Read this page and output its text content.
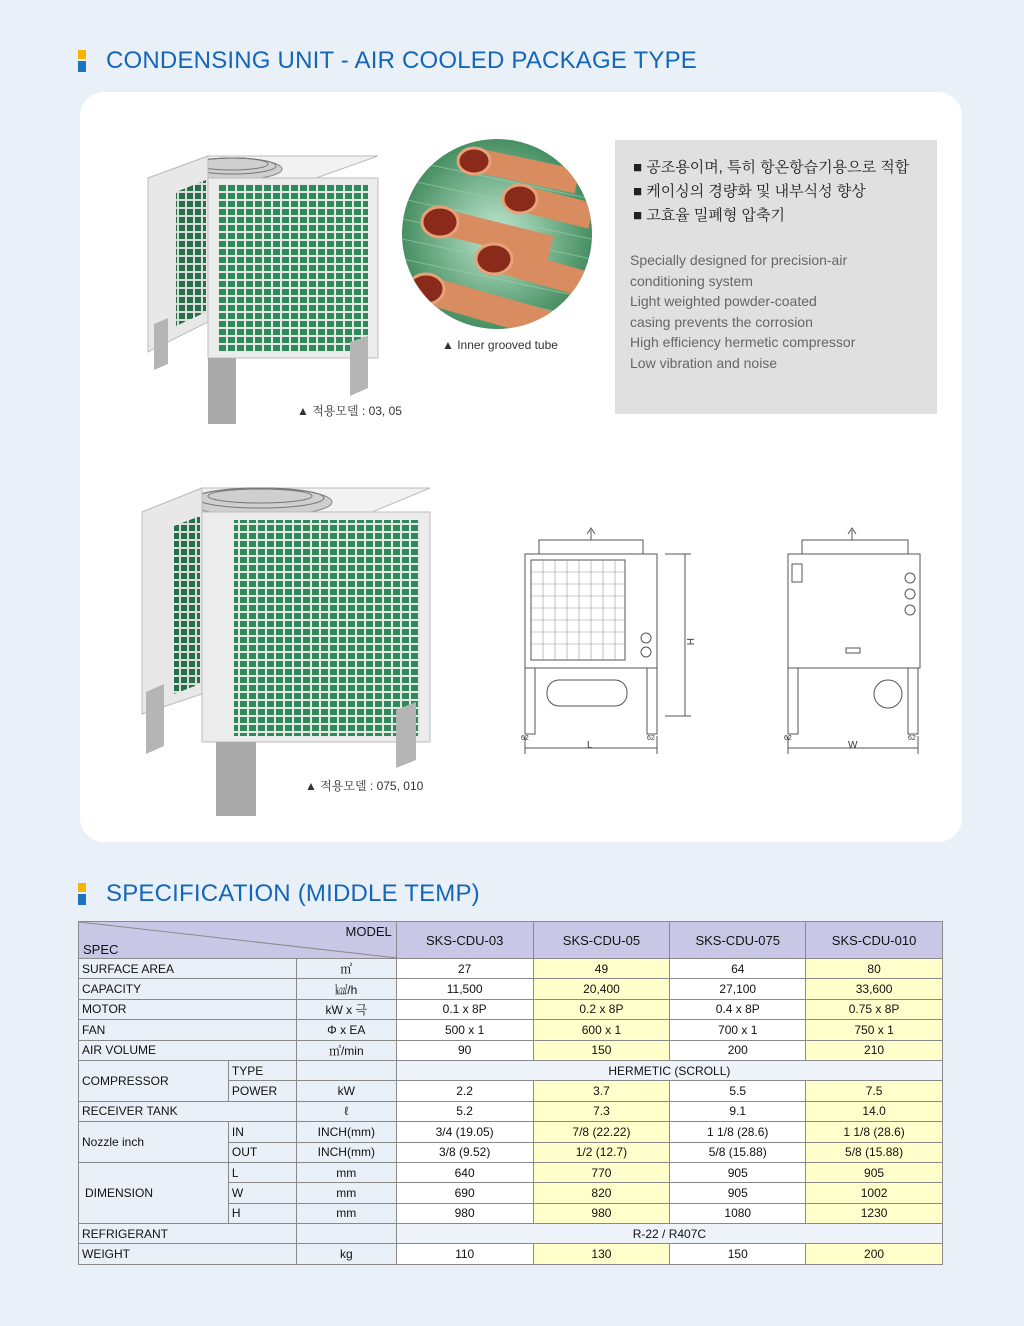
CONDENSING UNIT - AIR COOLED PACKAGE TYPE
▲ 적용모델 : 03, 05
▲ Inner grooved tube

■ 공조용이며, 특히 항온항습기용으로 적합

■ 케이싱의 경량화 및 내부식성 향상

■ 고효율 밀폐형 압축기

Specially designed for precision-air

conditioning system

Light weighted powder-coated

casing prevents the corrosion

High efficiency hermetic compressor

Low vibration and noise

▲ 적용모델 : 075, 010
H
L
62	62
W
62	62
SPECIFICATION (MIDDLE TEMP)
MODEL
SPEC			SKS-CDU-03	SKS-CDU-05	SKS-CDU-075	SKS-CDU-010
SURFACE AREA		㎡	27	49	64	80
CAPACITY		㎉/h	11,500	20,400	27,100	33,600
MOTOR		kW x 극	0.1 x 8P	0.2 x 8P	0.4 x 8P	0.75 x 8P
FAN		Φ x EA	500 x 1	600 x 1	700 x 1	750 x 1
AIR VOLUME		㎥/min	90	150	200	210
COMPRESSOR	TYPE		HERMETIC (SCROLL)			
	POWER	kW	2.2	3.7	5.5	7.5
RECEIVER TANK		ℓ	5.2	7.3	9.1	14.0
Nozzle inch	IN	INCH(mm)	3/4 (19.05)	7/8 (22.22)	1 1/8 (28.6)	1 1/8 (28.6)
	OUT	INCH(mm)	3/8 (9.52)	1/2 (12.7)	5/8 (15.88)	5/8 (15.88)
DIMENSION	L	mm	640	770	905	905
	W	mm	690	820	905	1002
	H	mm	980	980	1080	1230
REFRIGERANT			R-22 / R407C			
WEIGHT		kg	110	130	150	200
